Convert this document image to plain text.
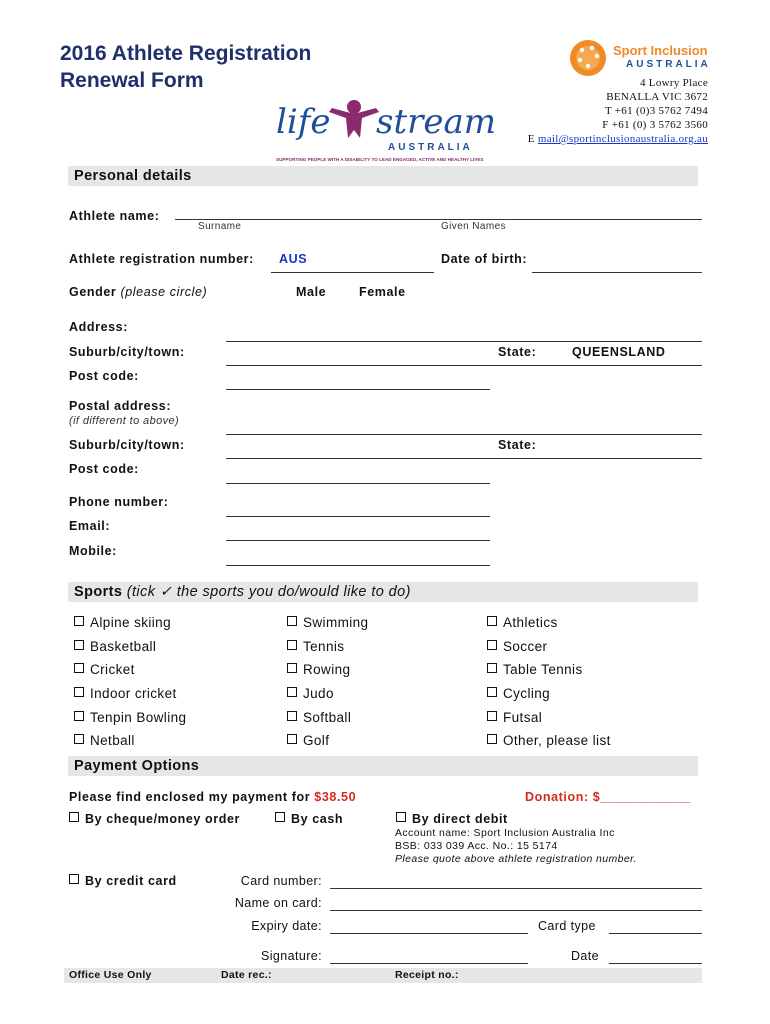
2016 Athlete Registration
Renewal Form
Sport Inclusion
AUSTRALIA
4 Lowry Place
BENALLA VIC 3672
T +61 (0)3 5762 7494
F +61 (0) 3 5762 3560
E mail@sportinclusionaustralia.org.au
life stream
AUSTRALIA
SUPPORTING PEOPLE WITH A DISABILITY TO LEAD ENGAGED, ACTIVE AND HEALTHY LIVES
Personal details
Athlete name:
Surname	Given Names
Athlete registration number: AUS	Date of birth:
Gender (please circle)	Male	Female
Address:
Suburb/city/town:	State:	QUEENSLAND
Post code:
Postal address:
(if different to above)
Suburb/city/town:	State:
Post code:
Phone number:
Email:
Mobile:
Sports (tick ✓ the sports you do/would like to do)
Alpine skiing
Basketball
Cricket
Indoor cricket
Tenpin Bowling
Netball
Swimming
Tennis
Rowing
Judo
Softball
Golf
Athletics
Soccer
Table Tennis
Cycling
Futsal
Other, please list
Payment Options
Please find enclosed my payment for $38.50	Donation: $____________
By cheque/money order	By cash	By direct debit
Account name: Sport Inclusion Australia Inc
BSB: 033 039 Acc. No.: 15 5174
Please quote above athlete registration number.
By credit card	Card number:
Name on card:
Expiry date:	Card type
Signature:	Date
Office Use Only	Date rec.:	Receipt no.:
